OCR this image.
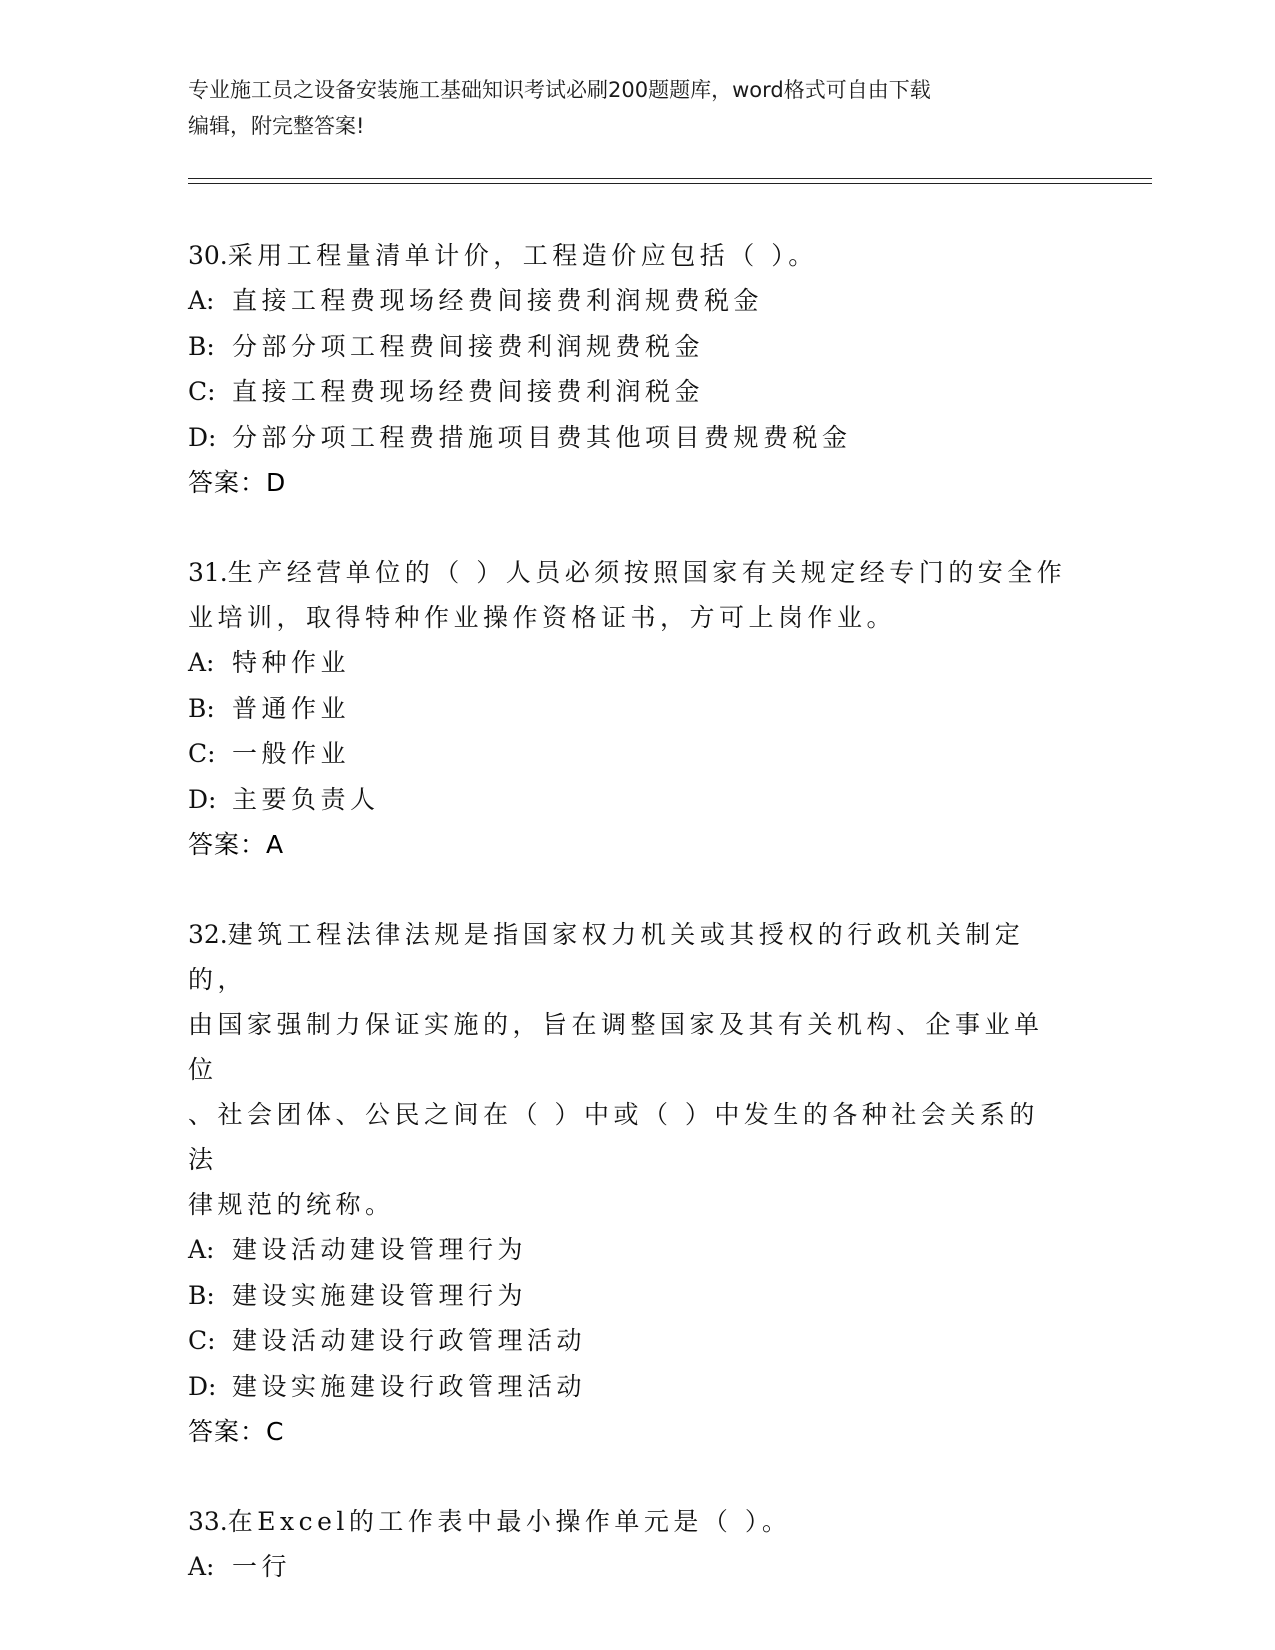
专业施工员之设备安装施工基础知识考试必刷200题题库，word格式可自由下载
编辑，附完整答案!
30.采用工程量清单计价，工程造价应包括（ ）。
A: 直接工程费现场经费间接费利润规费税金
B: 分部分项工程费间接费利润规费税金
C: 直接工程费现场经费间接费利润税金
D: 分部分项工程费措施项目费其他项目费规费税金
答案：D
31.生产经营单位的（ ）人员必须按照国家有关规定经专门的安全作
业培训，取得特种作业操作资格证书，方可上岗作业。
A: 特种作业
B: 普通作业
C: 一般作业
D: 主要负责人
答案：A
32.建筑工程法律法规是指国家权力机关或其授权的行政机关制定的，
由国家强制力保证实施的，旨在调整国家及其有关机构、企事业单位
、社会团体、公民之间在（ ）中或（ ）中发生的各种社会关系的法
律规范的统称。
A: 建设活动建设管理行为
B: 建设实施建设管理行为
C: 建设活动建设行政管理活动
D: 建设实施建设行政管理活动
答案：C
33.在Excel的工作表中最小操作单元是（ ）。
A: 一行
